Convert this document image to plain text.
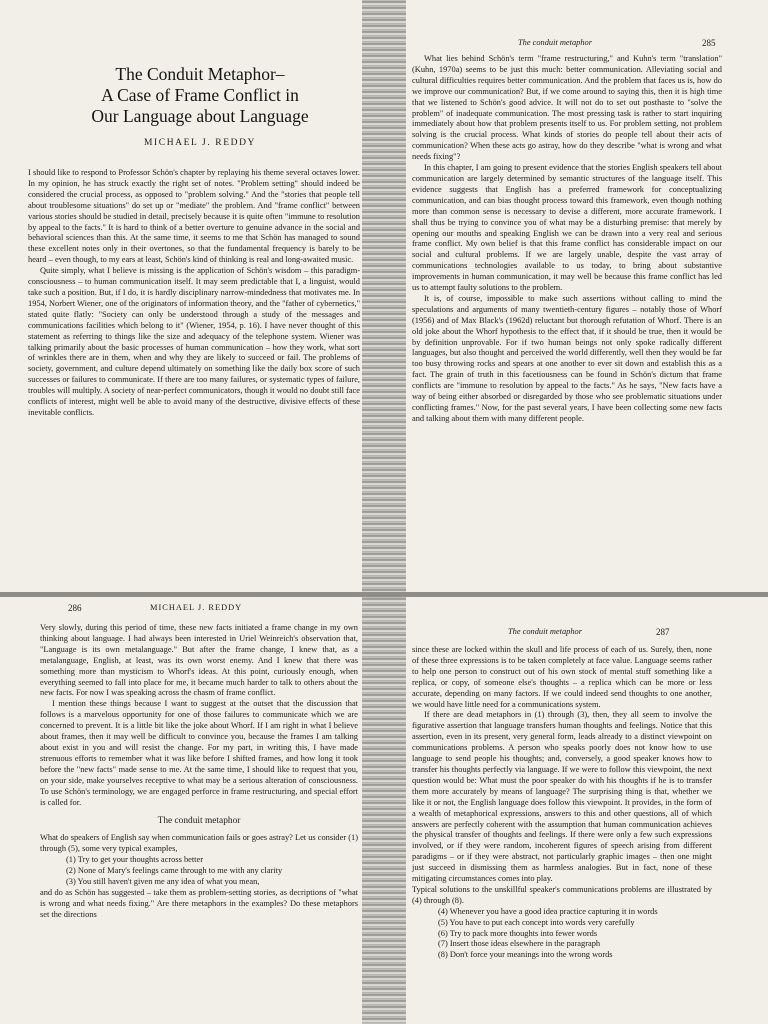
The Conduit Metaphor–
A Case of Frame Conflict in
Our Language about Language
MICHAEL J. REDDY

I should like to respond to Professor Schön's chapter by replaying his theme several octaves lower. In my opinion, he has struck exactly the right set of notes. "Problem setting" should indeed be considered the crucial process, as opposed to "problem solving." And the "stories that people tell about troublesome situations" do set up or "mediate" the problem. And "frame conflict" between various stories should be studied in detail, precisely because it is quite often "immune to resolution by appeal to the facts." It is hard to think of a better overture to genuine advance in the social and behavioral sciences than this. At the same time, it seems to me that Schön has managed to sound these excellent notes only in their overtones, so that the fundamental frequency is barely to be heard – even though, to my ears at least, Schön's kind of thinking is real and long-awaited music.

Quite simply, what I believe is missing is the application of Schön's wisdom – this paradigm-consciousness – to human communication itself. It may seem predictable that I, a linguist, would take such a position. But, if I do, it is hardly disciplinary narrow-mindedness that motivates me. In 1954, Norbert Wiener, one of the originators of information theory, and the "father of cybernetics," stated quite flatly: "Society can only be understood through a study of the messages and communications facilities which belong to it" (Wiener, 1954, p. 16). I have never thought of this statement as referring to things like the size and adequacy of the telephone system. Wiener was talking primarily about the basic processes of human communication – how they work, what sort of wrinkles there are in them, when and why they are likely to succeed or fail. The problems of society, government, and culture depend ultimately on something like the daily box score of such successes or failures to communicate. If there are too many failures, or systematic types of failure, troubles will multiply. A society of near-perfect communicators, though it would no doubt still face conflicts of interest, might well be able to avoid many of the destructive, divisive effects of these inevitable conflicts.

The conduit metaphor	285

What lies behind Schön's term "frame restructuring," and Kuhn's term "translation" (Kuhn, 1970a) seems to be just this much: better communication. Alleviating social and cultural difficulties requires better communication. And the problem that faces us is, how do we improve our communication? But, if we come around to saying this, then it is high time that we listened to Schön's good advice. It will not do to set out posthaste to "solve the problem" of inadequate communication. The most pressing task is rather to start inquiring immediately about how that problem presents itself to us. For problem setting, not problem solving is the crucial process. What kinds of stories do people tell about their acts of communication? When these acts go astray, how do they describe "what is wrong and what needs fixing"?

In this chapter, I am going to present evidence that the stories English speakers tell about communication are largely determined by semantic structures of the language itself. This evidence suggests that English has a preferred framework for conceptualizing communication, and can bias thought process toward this framework, even though nothing more than common sense is necessary to devise a different, more accurate framework. I shall thus be trying to convince you of what may be a disturbing premise: that merely by opening our mouths and speaking English we can be drawn into a very real and serious frame conflict. My own belief is that this frame conflict has considerable impact on our social and cultural problems. If we are largely unable, despite the vast array of communications technologies available to us today, to bring about substantive improvements in human communication, it may well be because this frame conflict has led us to attempt faulty solutions to the problem.

It is, of course, impossible to make such assertions without calling to mind the speculations and arguments of many twentieth-century figures – notably those of Whorf (1956) and of Max Black's (1962d) reluctant but thorough refutation of Whorf. There is an old joke about the Whorf hypothesis to the effect that, if it should be true, then it would be by definition unprovable. For if two human beings not only spoke radically different languages, but also thought and perceived the world differently, well then they would be far too busy throwing rocks and spears at one another to ever sit down and establish this as a fact. The grain of truth in this facetiousness can be found in Schön's dictum that frame conflicts are "immune to resolution by appeal to the facts." As he says, "New facts have a way of being either absorbed or disregarded by those who see problematic situations under conflicting frames." Now, for the past several years, I have been collecting some new facts and talking about them with many different people.

286	MICHAEL J. REDDY

Very slowly, during this period of time, these new facts initiated a frame change in my own thinking about language. I had always been interested in Uriel Weinreich's observation that, "Language is its own metalanguage." But after the frame change, I knew that, as a metalanguage, English, at least, was its own worst enemy. And I knew that there was something more than mysticism to Whorf's ideas. At this point, curiously enough, when everything seemed to fall into place for me, it became much harder to talk to others about the new facts. For now I was speaking across the chasm of frame conflict.

I mention these things because I want to suggest at the outset that the discussion that follows is a marvelous opportunity for one of those failures to communicate which we are concerned to prevent. It is a little bit like the joke about Whorf. If I am right in what I believe about frames, then it may well be difficult to convince you, because the frames I am talking about exist in you and will resist the change. For my part, in writing this, I have made strenuous efforts to remember what it was like before I shifted frames, and how long it took before the "new facts" made sense to me. At the same time, I should like to request that you, on your side, make yourselves receptive to what may be a serious alteration of consciousness. To use Schön's terminology, we are engaged perforce in frame restructuring, and special effort is called for.

The conduit metaphor

What do speakers of English say when communication fails or goes astray? Let us consider (1) through (5), some very typical examples,

(1) Try to get your thoughts across better

(2) None of Mary's feelings came through to me with any clarity

(3) You still haven't given me any idea of what you mean,

and do as Schön has suggested – take them as problem-setting stories, as decriptions of "what is wrong and what needs fixing." Are there metaphors in the examples? Do these metaphors set the directions

The conduit metaphor	287

since these are locked within the skull and life process of each of us. Surely, then, none of these three expressions is to be taken completely at face value. Language seems rather to help one person to construct out of his own stock of mental stuff something like a replica, or copy, of someone else's thoughts – a replica which can be more or less accurate, depending on many factors. If we could indeed send thoughts to one another, we would have little need for a communications system.

If there are dead metaphors in (1) through (3), then, they all seem to involve the figurative assertion that language transfers human thoughts and feelings. Notice that this assertion, even in its present, very general form, leads already to a distinct viewpoint on communications problems. A person who speaks poorly does not know how to use language to send people his thoughts; and, conversely, a good speaker knows how to transfer his thoughts perfectly via language. If we were to follow this viewpoint, the next question would be: What must the poor speaker do with his thoughts if he is to transfer them more accurately by means of language? The surprising thing is that, whether we like it or not, the English language does follow this viewpoint. It provides, in the form of a wealth of metaphorical expressions, answers to this and other questions, all of which answers are perfectly coherent with the assumption that human communication achieves the physical transfer of thoughts and feelings. If there were only a few such expressions involved, or if they were random, incoherent figures of speech arising from different paradigms – or if they were abstract, not particularly graphic images – then one might just succeed in dismissing them as harmless analogies. But in fact, none of these mitigating circumstances comes into play.

Typical solutions to the unskillful speaker's communications problems are illustrated by (4) through (8).

(4) Whenever you have a good idea practice capturing it in words

(5) You have to put each concept into words very carefully

(6) Try to pack more thoughts into fewer words

(7) Insert those ideas elsewhere in the paragraph

(8) Don't force your meanings into the wrong words
